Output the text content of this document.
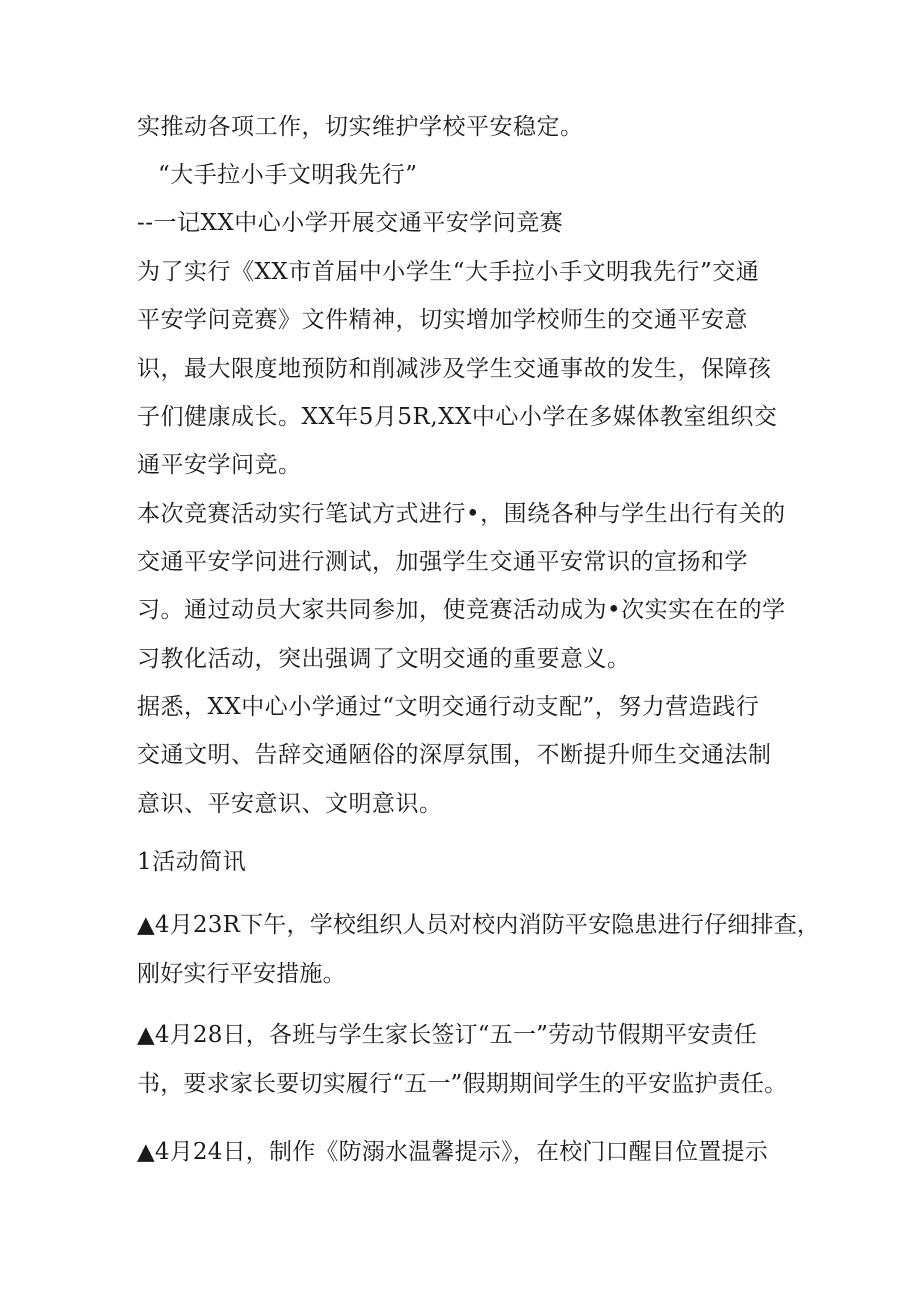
实推动各项工作，切实维护学校平安稳定。
“大手拉小手文明我先行”
--一记XX中心小学开展交通平安学问竞赛
为了实行《XX市首届中小学生“大手拉小手文明我先行”交通
平安学问竞赛》文件精神，切实增加学校师生的交通平安意
识，最大限度地预防和削减涉及学生交通事故的发生，保障孩
子们健康成长。XX年5月5R,XX中心小学在多媒体教室组织交
通平安学问竞。
本次竞赛活动实行笔试方式进行•，围绕各种与学生出行有关的
交通平安学问进行测试，加强学生交通平安常识的宣扬和学
习。通过动员大家共同参加，使竞赛活动成为•次实实在在的学
习教化活动，突出强调了文明交通的重要意义。
据悉，XX中心小学通过“文明交通行动支配”，努力营造践行
交通文明、告辞交通陋俗的深厚氛围，不断提升师生交通法制
意识、平安意识、文明意识。
1活动简讯
▲4月23R下午，学校组织人员对校内消防平安隐患进行仔细排查，
刚好实行平安措施。
▲4月28日，各班与学生家长签订“五一”劳动节假期平安责任
书，要求家长要切实履行“五一”假期期间学生的平安监护责任。
▲4月24日，制作《防溺水温馨提示》，在校门口醒目位置提示
